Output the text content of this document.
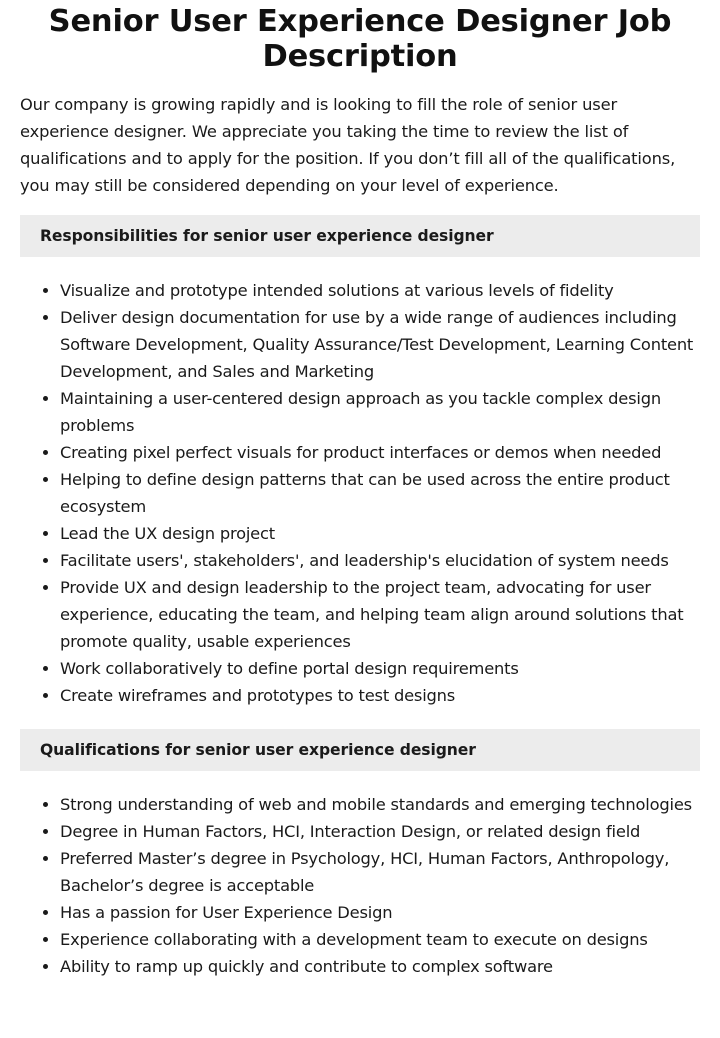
Senior User Experience Designer Job Description

Our company is growing rapidly and is looking to fill the role of senior user experience designer. We appreciate you taking the time to review the list of qualifications and to apply for the position. If you don’t fill all of the qualifications, you may still be considered depending on your level of experience.

Responsibilities for senior user experience designer
Visualize and prototype intended solutions at various levels of fidelity
Deliver design documentation for use by a wide range of audiences including Software Development, Quality Assurance/Test Development, Learning Content Development, and Sales and Marketing
Maintaining a user-centered design approach as you tackle complex design problems
Creating pixel perfect visuals for product interfaces or demos when needed
Helping to define design patterns that can be used across the entire product ecosystem
Lead the UX design project
Facilitate users', stakeholders', and leadership's elucidation of system needs
Provide UX and design leadership to the project team, advocating for user experience, educating the team, and helping team align around solutions that promote quality, usable experiences
Work collaboratively to define portal design requirements
Create wireframes and prototypes to test designs
Qualifications for senior user experience designer
Strong understanding of web and mobile standards and emerging technologies
Degree in Human Factors, HCI, Interaction Design, or related design field
Preferred Master’s degree in Psychology, HCI, Human Factors, Anthropology, Bachelor’s degree is acceptable
Has a passion for User Experience Design
Experience collaborating with a development team to execute on designs
Ability to ramp up quickly and contribute to complex software
